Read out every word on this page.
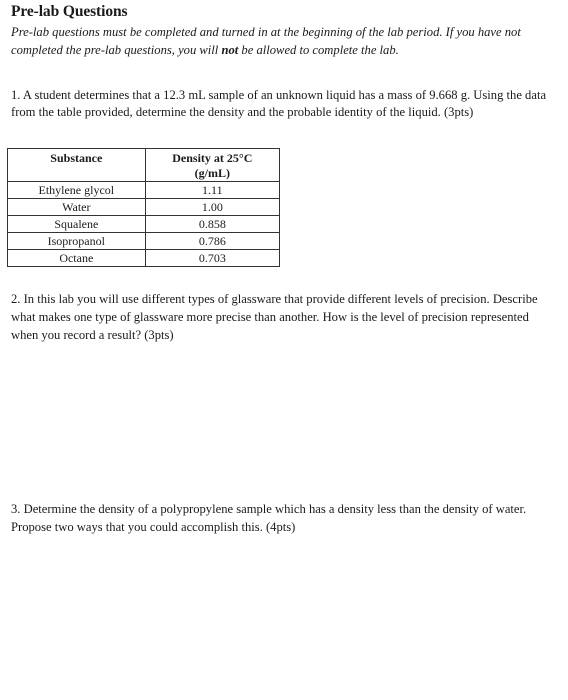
Pre-lab Questions
Pre-lab questions must be completed and turned in at the beginning of the lab period. If you have not completed the pre-lab questions, you will not be allowed to complete the lab.
1. A student determines that a 12.3 mL sample of an unknown liquid has a mass of 9.668 g. Using the data from the table provided, determine the density and the probable identity of the liquid. (3pts)
Substance	Density at 25°C
(g/mL)
Ethylene glycol	1.11
Water	1.00
Squalene	0.858
Isopropanol	0.786
Octane	0.703
2. In this lab you will use different types of glassware that provide different levels of precision. Describe what makes one type of glassware more precise than another. How is the level of precision represented when you record a result? (3pts)
3. Determine the density of a polypropylene sample which has a density less than the density of water. Propose two ways that you could accomplish this. (4pts)
